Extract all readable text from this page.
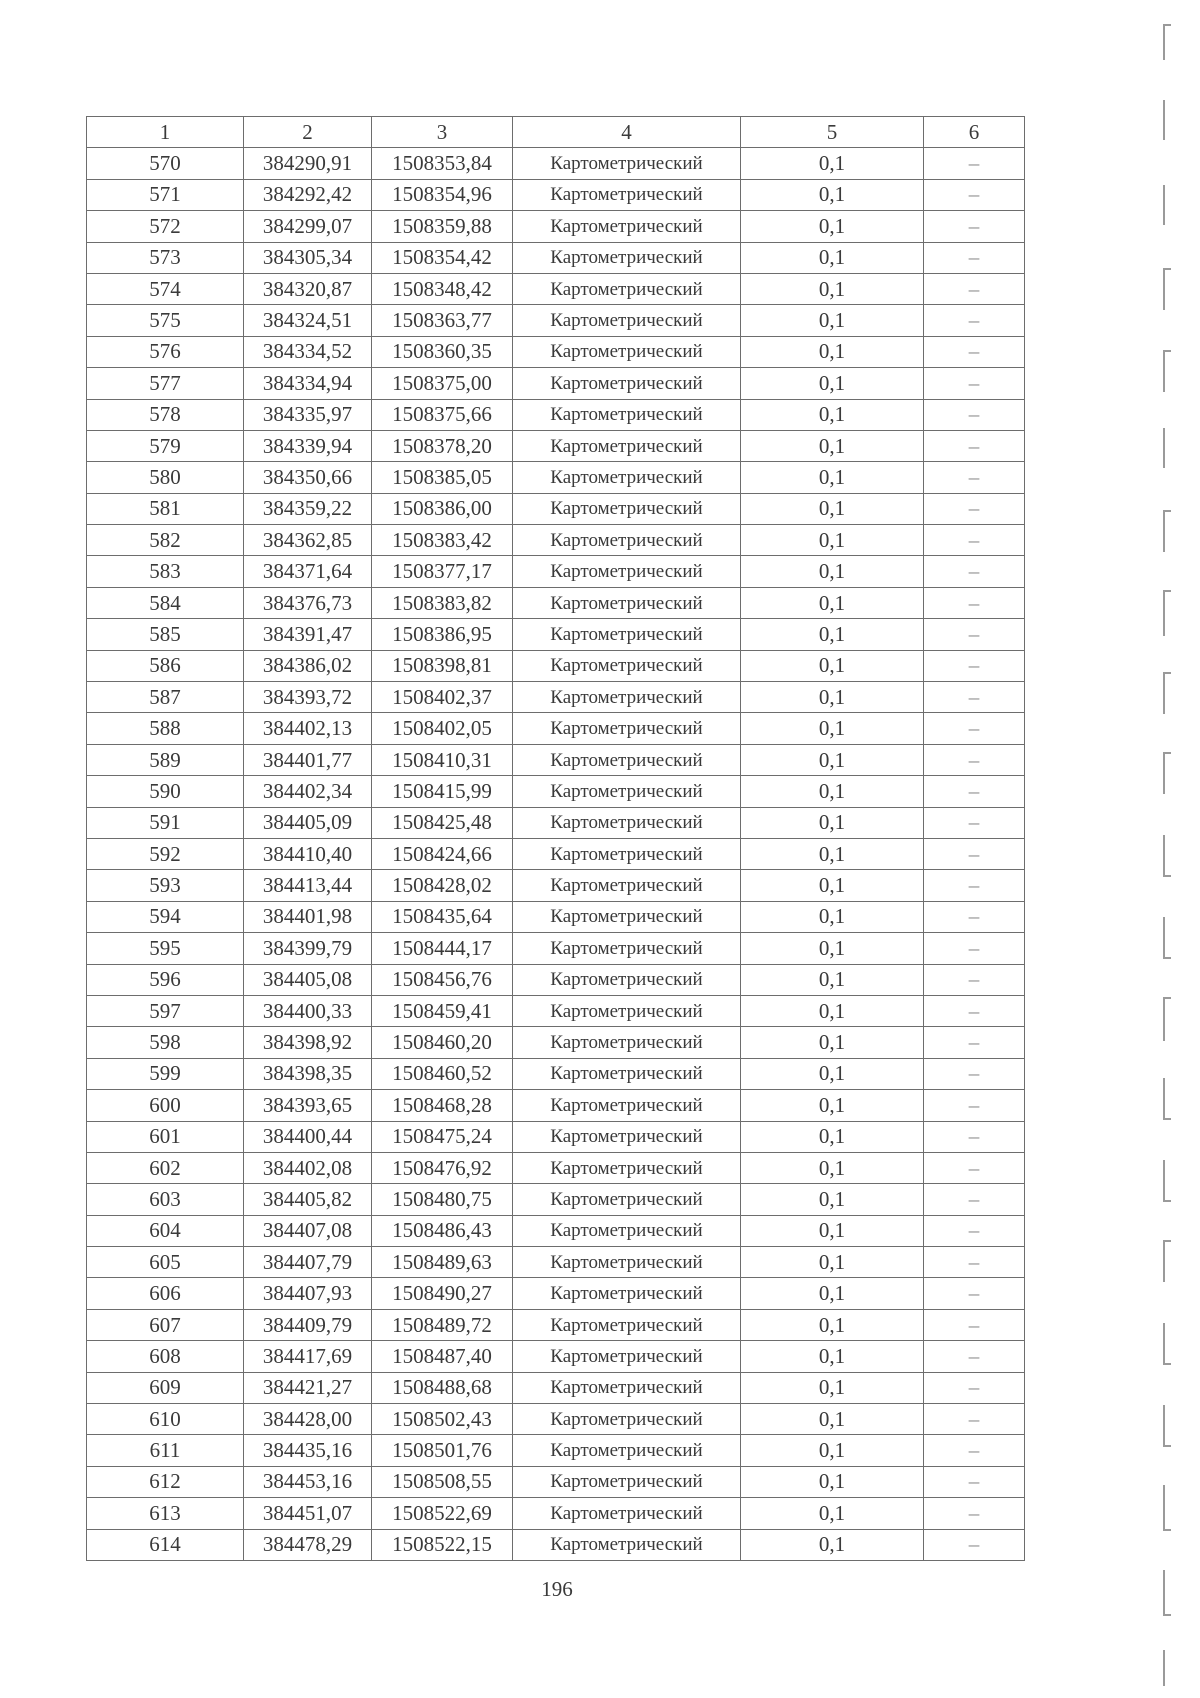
1	2	3	4	5	6
570	384290,91	1508353,84	Картометрический	0,1	–
571	384292,42	1508354,96	Картометрический	0,1	–
572	384299,07	1508359,88	Картометрический	0,1	–
573	384305,34	1508354,42	Картометрический	0,1	–
574	384320,87	1508348,42	Картометрический	0,1	–
575	384324,51	1508363,77	Картометрический	0,1	–
576	384334,52	1508360,35	Картометрический	0,1	–
577	384334,94	1508375,00	Картометрический	0,1	–
578	384335,97	1508375,66	Картометрический	0,1	–
579	384339,94	1508378,20	Картометрический	0,1	–
580	384350,66	1508385,05	Картометрический	0,1	–
581	384359,22	1508386,00	Картометрический	0,1	–
582	384362,85	1508383,42	Картометрический	0,1	–
583	384371,64	1508377,17	Картометрический	0,1	–
584	384376,73	1508383,82	Картометрический	0,1	–
585	384391,47	1508386,95	Картометрический	0,1	–
586	384386,02	1508398,81	Картометрический	0,1	–
587	384393,72	1508402,37	Картометрический	0,1	–
588	384402,13	1508402,05	Картометрический	0,1	–
589	384401,77	1508410,31	Картометрический	0,1	–
590	384402,34	1508415,99	Картометрический	0,1	–
591	384405,09	1508425,48	Картометрический	0,1	–
592	384410,40	1508424,66	Картометрический	0,1	–
593	384413,44	1508428,02	Картометрический	0,1	–
594	384401,98	1508435,64	Картометрический	0,1	–
595	384399,79	1508444,17	Картометрический	0,1	–
596	384405,08	1508456,76	Картометрический	0,1	–
597	384400,33	1508459,41	Картометрический	0,1	–
598	384398,92	1508460,20	Картометрический	0,1	–
599	384398,35	1508460,52	Картометрический	0,1	–
600	384393,65	1508468,28	Картометрический	0,1	–
601	384400,44	1508475,24	Картометрический	0,1	–
602	384402,08	1508476,92	Картометрический	0,1	–
603	384405,82	1508480,75	Картометрический	0,1	–
604	384407,08	1508486,43	Картометрический	0,1	–
605	384407,79	1508489,63	Картометрический	0,1	–
606	384407,93	1508490,27	Картометрический	0,1	–
607	384409,79	1508489,72	Картометрический	0,1	–
608	384417,69	1508487,40	Картометрический	0,1	–
609	384421,27	1508488,68	Картометрический	0,1	–
610	384428,00	1508502,43	Картометрический	0,1	–
611	384435,16	1508501,76	Картометрический	0,1	–
612	384453,16	1508508,55	Картометрический	0,1	–
613	384451,07	1508522,69	Картометрический	0,1	–
614	384478,29	1508522,15	Картометрический	0,1	–
196
